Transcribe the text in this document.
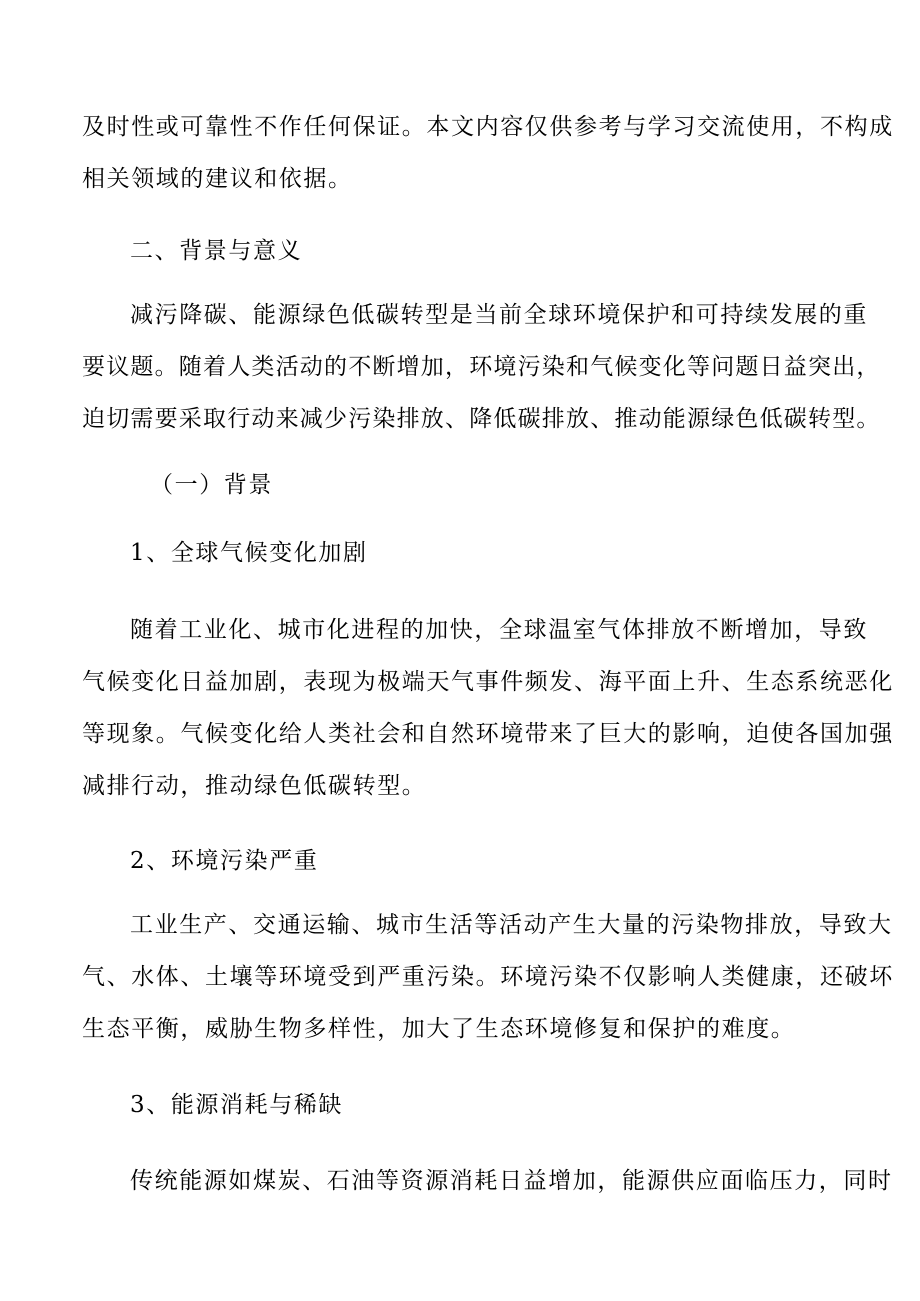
及时性或可靠性不作任何保证。本文内容仅供参考与学习交流使用，不构成
相关领域的建议和依据。
二、背景与意义
减污降碳、能源绿色低碳转型是当前全球环境保护和可持续发展的重
要议题。随着人类活动的不断增加，环境污染和气候变化等问题日益突出，
迫切需要采取行动来减少污染排放、降低碳排放、推动能源绿色低碳转型。
（一）背景
1、全球气候变化加剧
随着工业化、城市化进程的加快，全球温室气体排放不断增加，导致
气候变化日益加剧，表现为极端天气事件频发、海平面上升、生态系统恶化
等现象。气候变化给人类社会和自然环境带来了巨大的影响，迫使各国加强
减排行动，推动绿色低碳转型。
2、环境污染严重
工业生产、交通运输、城市生活等活动产生大量的污染物排放，导致大
气、水体、土壤等环境受到严重污染。环境污染不仅影响人类健康，还破坏
生态平衡，威胁生物多样性，加大了生态环境修复和保护的难度。
3、能源消耗与稀缺
传统能源如煤炭、石油等资源消耗日益增加，能源供应面临压力，同时
